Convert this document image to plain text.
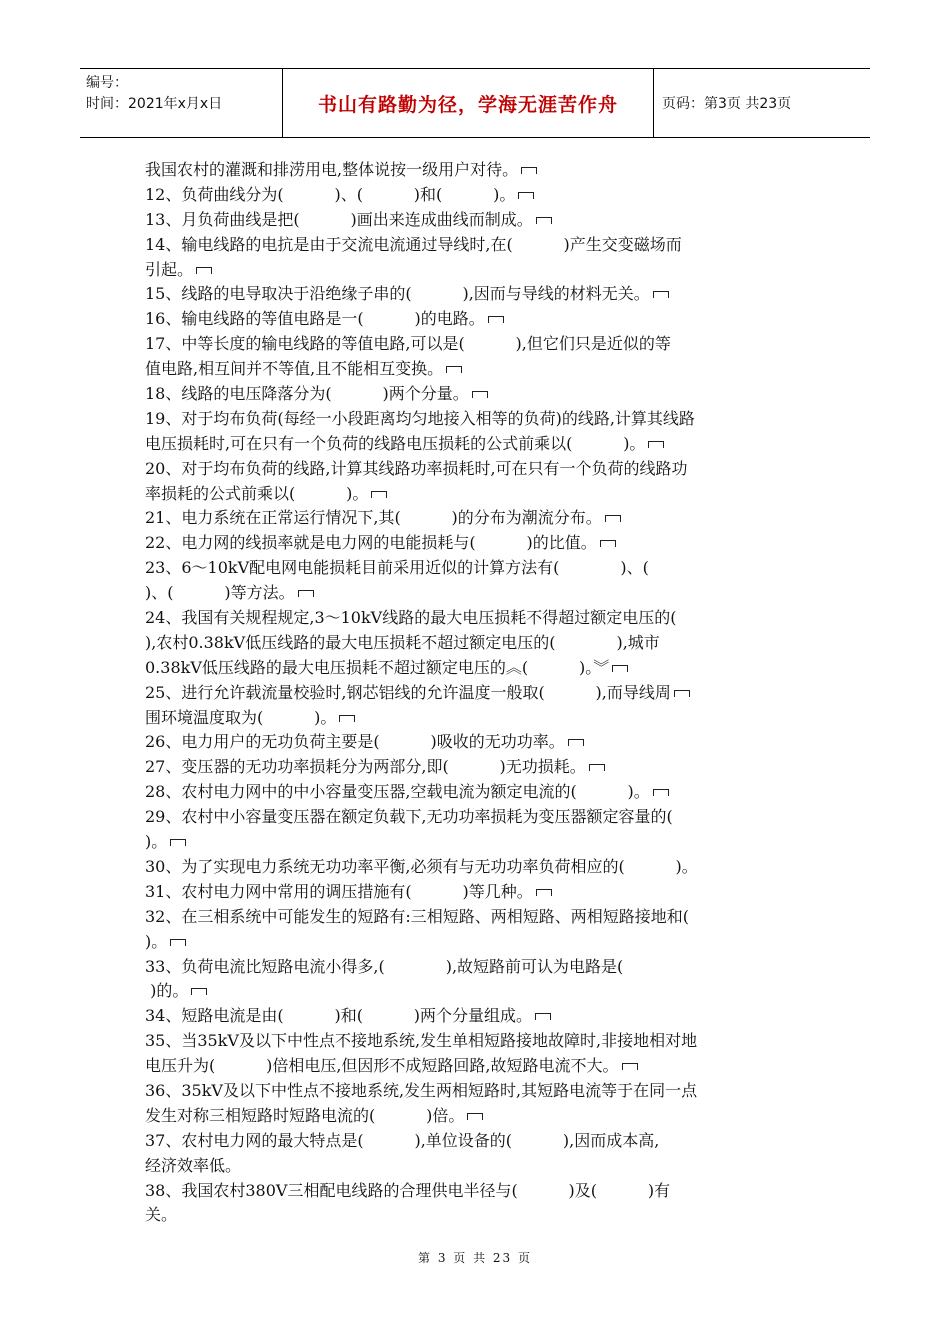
编号：
时间：2021年x月x日	书山有路勤为径，学海无涯苦作舟	页码：第3页 共23页
我国农村的灌溉和排涝用电,整体说按一级用户对待。
12、负荷曲线分为(          )、(          )和(          )。
13、月负荷曲线是把(          )画出来连成曲线而制成。
14、输电线路的电抗是由于交流电流通过导线时,在(          )产生交变磁场而
引起。
15、线路的电导取决于沿绝缘子串的(          ),因而与导线的材料无关。
16、输电线路的等值电路是一(          )的电路。
17、中等长度的输电线路的等值电路,可以是(          ),但它们只是近似的等
值电路,相互间并不等值,且不能相互变换。
18、线路的电压降落分为(          )两个分量。
19、对于均布负荷(每经一小段距离均匀地接入相等的负荷)的线路,计算其线路
电压损耗时,可在只有一个负荷的线路电压损耗的公式前乘以(          )。
20、对于均布负荷的线路,计算其线路功率损耗时,可在只有一个负荷的线路功
率损耗的公式前乘以(          )。
21、电力系统在正常运行情况下,其(          )的分布为潮流分布。
22、电力网的线损率就是电力网的电能损耗与(          )的比值。
23、6～10kV配电网电能损耗目前采用近似的计算方法有(            )、(
)、(          )等方法。
24、我国有关规程规定,3～10kV线路的最大电压损耗不得超过额定电压的(
),农村0.38kV低压线路的最大电压损耗不超过额定电压的(            ),城市
0.38kV低压线路的最大电压损耗不超过额定电压的︽(          )。︾
25、进行允许载流量校验时,钢芯铝线的允许温度一般取(          ),而导线周
围环境温度取为(          )。
26、电力用户的无功负荷主要是(          )吸收的无功功率。
27、变压器的无功功率损耗分为两部分,即(          )无功损耗。
28、农村电力网中的中小容量变压器,空载电流为额定电流的(          )。
29、农村中小容量变压器在额定负载下,无功功率损耗为变压器额定容量的(
)。
30、为了实现电力系统无功功率平衡,必须有与无功功率负荷相应的(          )。
31、农村电力网中常用的调压措施有(          )等几种。
32、在三相系统中可能发生的短路有:三相短路、两相短路、两相短路接地和(
)。
33、负荷电流比短路电流小得多,(            ),故短路前可认为电路是(
)的。
34、短路电流是由(          )和(          )两个分量组成。
35、当35kV及以下中性点不接地系统,发生单相短路接地故障时,非接地相对地
电压升为(          )倍相电压,但因形不成短路回路,故短路电流不大。
36、35kV及以下中性点不接地系统,发生两相短路时,其短路电流等于在同一点
发生对称三相短路时短路电流的(          )倍。
37、农村电力网的最大特点是(          ),单位设备的(          ),因而成本高,
经济效率低。
38、我国农村380V三相配电线路的合理供电半径与(          )及(          )有
关。
第 3 页 共 23 页
